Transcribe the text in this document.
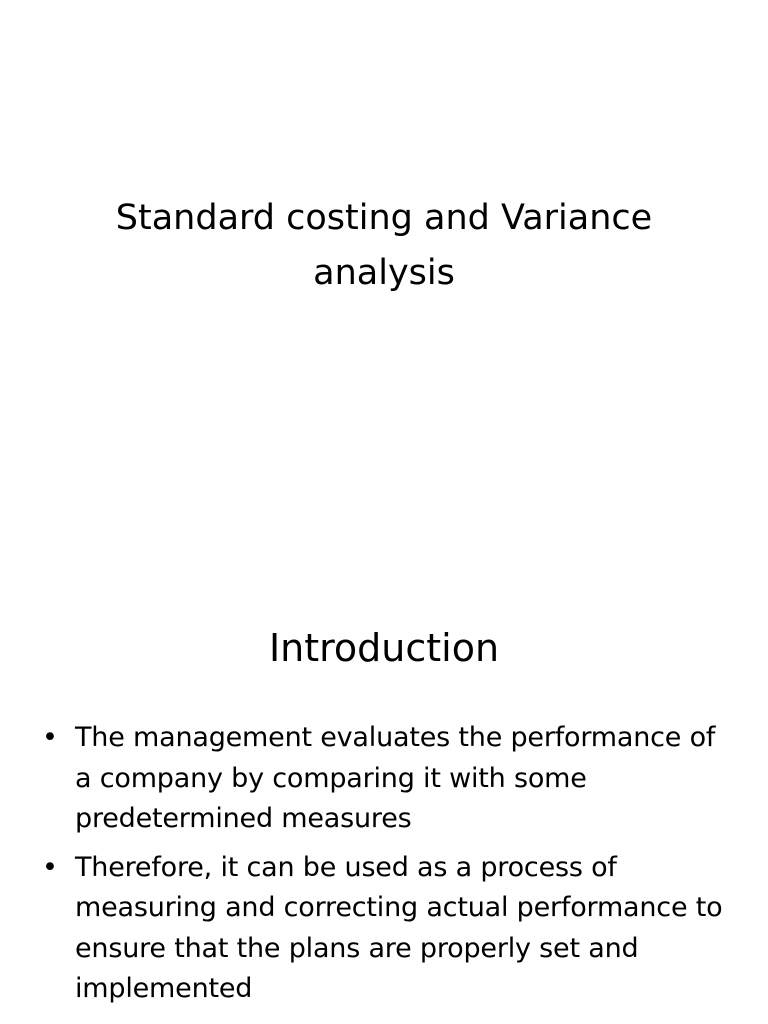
Standard costing and Variance analysis
Introduction
• The management evaluates the performance of a company by comparing it with some predetermined measures
• Therefore, it can be used as a process of measuring and correcting actual performance to ensure that the plans are properly set and implemented
